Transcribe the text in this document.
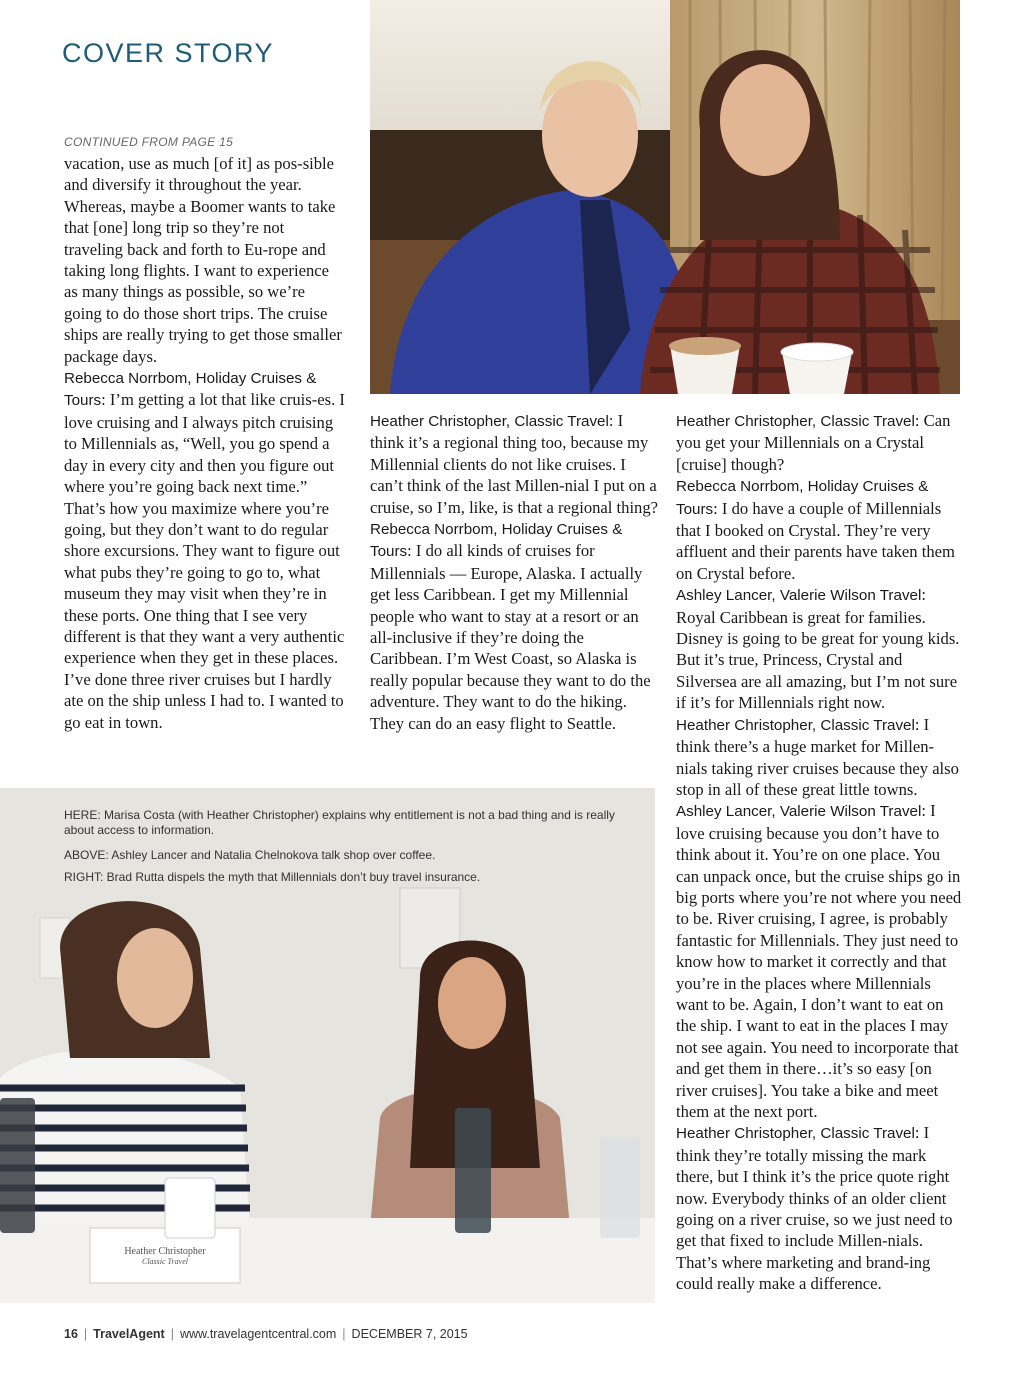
COVER STORY
CONTINUED FROM PAGE 15

vacation, use as much [of it] as pos-sible and diversify it throughout the year. Whereas, maybe a Boomer wants to take that [one] long trip so they’re not traveling back and forth to Eu-rope and taking long flights. I want to experience as many things as possible, so we’re going to do those short trips. The cruise ships are really trying to get those smaller package days.

Rebecca Norrbom, Holiday Cruises & Tours: I’m getting a lot that like cruis-es. I love cruising and I always pitch cruising to Millennials as, “Well, you go spend a day in every city and then you figure out where you’re going back next time.” That’s how you maximize where you’re going, but they don’t want to do regular shore excursions. They want to figure out what pubs they’re going to go to, what museum they may visit when they’re in these ports. One thing that I see very different is that they want a very authentic experience when they get in these places. I’ve done three river cruises but I hardly ate on the ship unless I had to. I wanted to go eat in town.

Heather Christopher, Classic Travel: I think it’s a regional thing too, because my Millennial clients do not like cruises. I can’t think of the last Millen-nial I put on a cruise, so I’m, like, is that a regional thing?

Rebecca Norrbom, Holiday Cruises & Tours: I do all kinds of cruises for Millennials — Europe, Alaska. I actually get less Caribbean. I get my Millennial people who want to stay at a resort or an all-inclusive if they’re doing the Caribbean. I’m West Coast, so Alaska is really popular because they want to do the adventure. They want to do the hiking. They can do an easy flight to Seattle.

Heather Christopher, Classic Travel: Can you get your Millennials on a Crystal [cruise] though?

Rebecca Norrbom, Holiday Cruises & Tours: I do have a couple of Millennials that I booked on Crystal. They’re very affluent and their parents have taken them on Crystal before.

Ashley Lancer, Valerie Wilson Travel: Royal Caribbean is great for families. Disney is going to be great for young kids. But it’s true, Princess, Crystal and Silversea are all amazing, but I’m not sure if it’s for Millennials right now.

Heather Christopher, Classic Travel: I think there’s a huge market for Millen-nials taking river cruises because they also stop in all of these great little towns.

Ashley Lancer, Valerie Wilson Travel: I love cruising because you don’t have to think about it. You’re on one place. You can unpack once, but the cruise ships go in big ports where you’re not where you need to be. River cruising, I agree, is probably fantastic for Millennials. They just need to know how to market it correctly and that you’re in the places where Millennials want to be. Again, I don’t want to eat on the ship. I want to eat in the places I may not see again. You need to incorporate that and get them in there…it’s so easy [on river cruises]. You take a bike and meet them at the next port.

Heather Christopher, Classic Travel: I think they’re totally missing the mark there, but I think it’s the price quote right now. Everybody thinks of an older client going on a river cruise, so we just need to get that fixed to include Millen-nials. That’s where marketing and brand-ing could really make a difference.

HERE: Marisa Costa (with Heather Christopher) explains why entitlement is not a bad thing and is really about access to information.
ABOVE: Ashley Lancer and Natalia Chelnokova talk shop over coffee.
RIGHT: Brad Rutta dispels the myth that Millennials don’t buy travel insurance.
Heather Christopher
Classic Travel
16 | TravelAgent | www.travelagentcentral.com | DECEMBER 7, 2015
